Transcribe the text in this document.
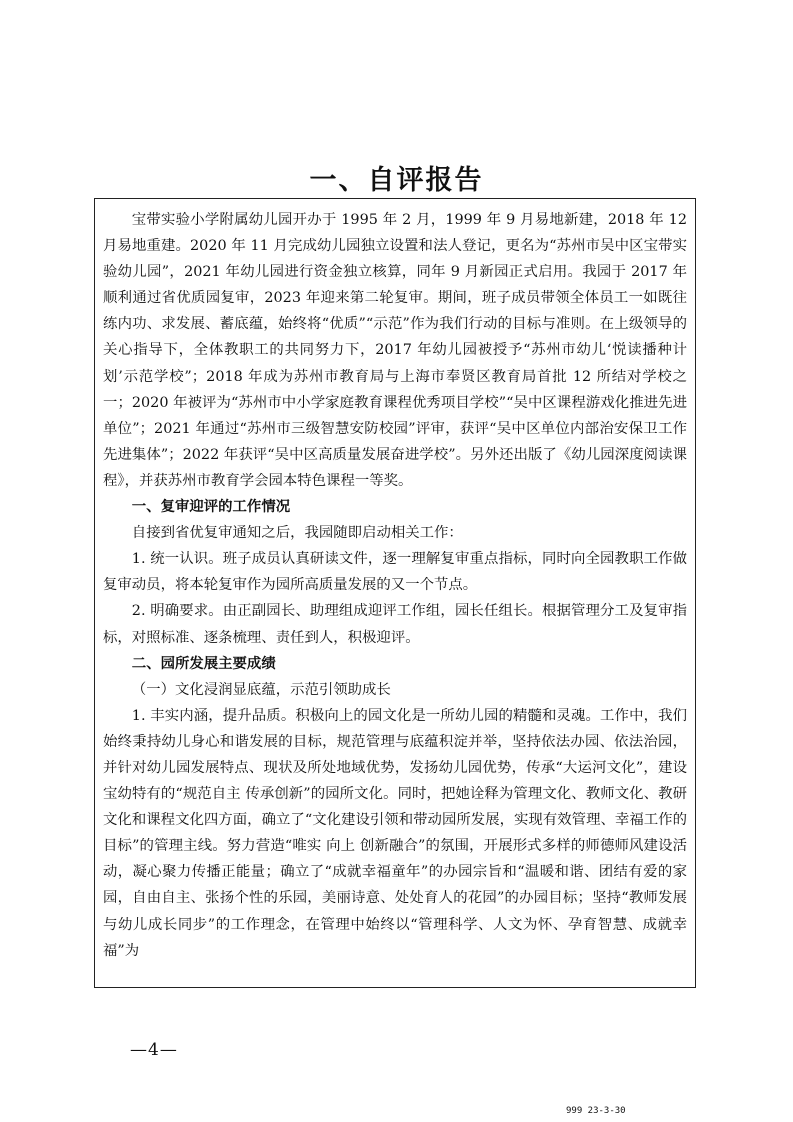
一、自评报告

宝带实验小学附属幼儿园开办于 1995 年 2 月，1999 年 9 月易地新建，2018 年 12 月易地重建。2020 年 11 月完成幼儿园独立设置和法人登记，更名为“苏州市吴中区宝带实验幼儿园”，2021 年幼儿园进行资金独立核算，同年 9 月新园正式启用。我园于 2017 年顺利通过省优质园复审，2023 年迎来第二轮复审。期间，班子成员带领全体员工一如既往练内功、求发展、蓄底蕴，始终将“优质”“示范”作为我们行动的目标与准则。在上级领导的关心指导下，全体教职工的共同努力下，2017 年幼儿园被授予“苏州市幼儿‘悦读播种计划’示范学校”；2018 年成为苏州市教育局与上海市奉贤区教育局首批 12 所结对学校之一；2020 年被评为“苏州市中小学家庭教育课程优秀项目学校”“吴中区课程游戏化推进先进单位”；2021 年通过“苏州市三级智慧安防校园”评审，获评“吴中区单位内部治安保卫工作先进集体”；2022 年获评“吴中区高质量发展奋进学校”。另外还出版了《幼儿园深度阅读课程》，并获苏州市教育学会园本特色课程一等奖。

一、复审迎评的工作情况

自接到省优复审通知之后，我园随即启动相关工作：

1. 统一认识。班子成员认真研读文件，逐一理解复审重点指标，同时向全园教职工作做复审动员，将本轮复审作为园所高质量发展的又一个节点。

2. 明确要求。由正副园长、助理组成迎评工作组，园长任组长。根据管理分工及复审指标，对照标准、逐条梳理、责任到人，积极迎评。

二、园所发展主要成绩

（一）文化浸润显底蕴，示范引领助成长

1. 丰实内涵，提升品质。积极向上的园文化是一所幼儿园的精髓和灵魂。工作中，我们始终秉持幼儿身心和谐发展的目标，规范管理与底蕴积淀并举，坚持依法办园、依法治园，并针对幼儿园发展特点、现状及所处地域优势，发扬幼儿园优势，传承“大运河文化”，建设宝幼特有的“规范自主 传承创新”的园所文化。同时，把她诠释为管理文化、教师文化、教研文化和课程文化四方面，确立了“文化建设引领和带动园所发展，实现有效管理、幸福工作的目标”的管理主线。努力营造“唯实 向上 创新融合”的氛围，开展形式多样的师德师风建设活动，凝心聚力传播正能量；确立了“成就幸福童年”的办园宗旨和“温暖和谐、团结有爱的家园，自由自主、张扬个性的乐园，美丽诗意、处处育人的花园”的办园目标；坚持“教师发展与幼儿成长同步”的工作理念，在管理中始终以“管理科学、人文为怀、孕育智慧、成就幸福”为

—4—
999 23-3-30
